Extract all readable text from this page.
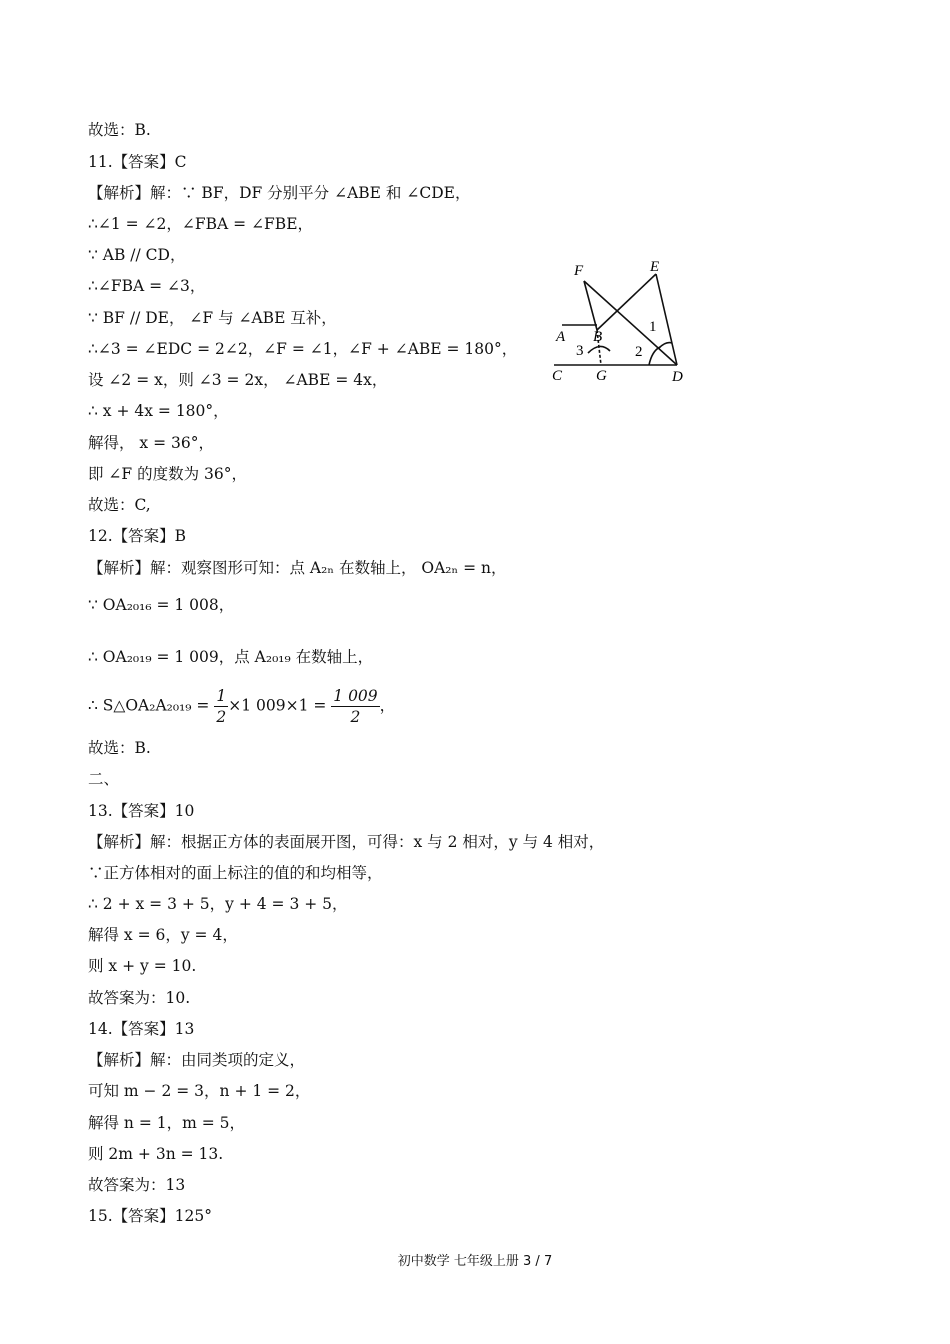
故选：B.
11.【答案】C
【解析】解：∵ BF，DF 分别平分 ∠ABE 和 ∠CDE，
∴∠1 = ∠2，∠FBA = ∠FBE，
∵ AB // CD，
∴∠FBA = ∠3，
∵ BF // DE， ∠F 与 ∠ABE 互补，
∴∠3 = ∠EDC = 2∠2，∠F = ∠1，∠F + ∠ABE = 180°，
设 ∠2 = x，则 ∠3 = 2x， ∠ABE = 4x，
∴ x + 4x = 180°，
解得， x = 36°，
即 ∠F 的度数为 36°，
故选：C,
12.【答案】B
【解析】解：观察图形可知：点 A₂ₙ 在数轴上， OA₂ₙ = n，
∵ OA₂₀₁₆ = 1 008，
∴ OA₂₀₁₉ = 1 009，点 A₂₀₁₉ 在数轴上，
∴ S△OA₂A₂₀₁₉ = $\frac{1}{2} \times 1$ $009\times 1 = \frac{1 009}{2}$ ，
故选：B.
二、
13.【答案】10
【解析】解：根据正方体的表面展开图，可得：x 与 2 相对，y 与 4 相对，
∵正方体相对的面上标注的值的和均相等，
∴ 2 + x = 3 + 5，y + 4 = 3 + 5，
解得 x = 6，y = 4，
则 x + y = 10.
故答案为：10.
14.【答案】13
【解析】解：由同类项的定义，
可知 m − 2 = 3，n + 1 = 2，
解得 n = 1，m = 5，
则 2m + 3n = 13.
故答案为：13
15.【答案】125°
F	E
A B
1
3	2
C G	D
初中数学 七年级上册 3 / 7
